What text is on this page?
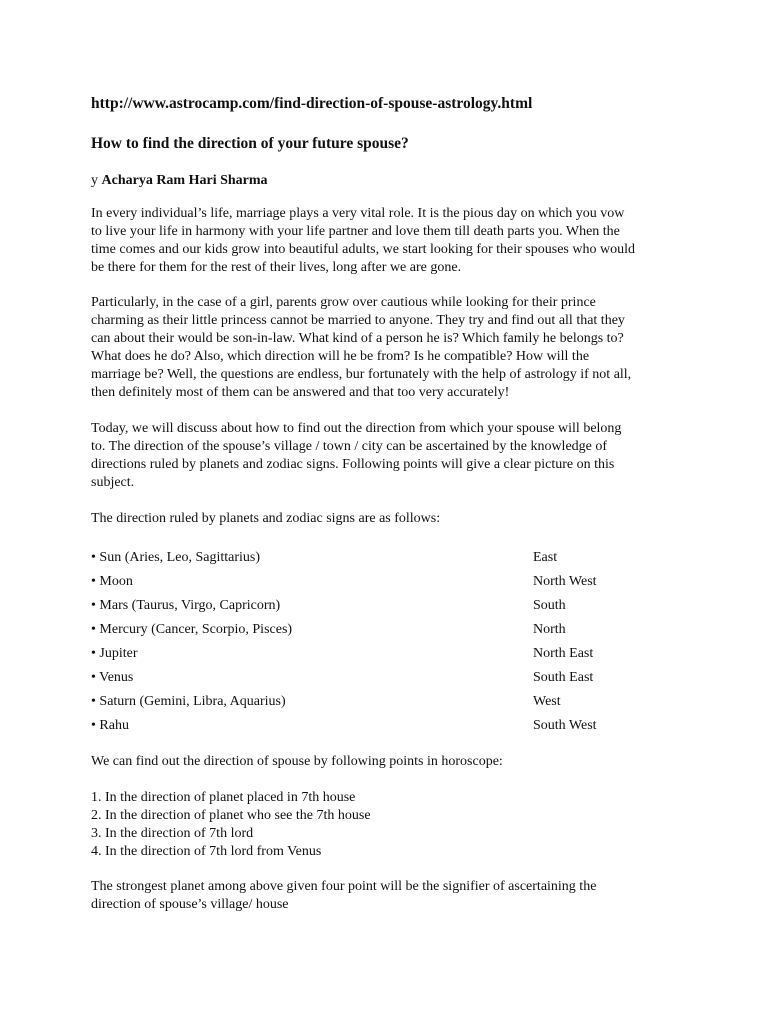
http://www.astrocamp.com/find-direction-of-spouse-astrology.html
How to find the direction of your future spouse?
y Acharya Ram Hari Sharma

In every individual’s life, marriage plays a very vital role. It is the pious day on which you vow
to live your life in harmony with your life partner and love them till death parts you. When the
time comes and our kids grow into beautiful adults, we start looking for their spouses who would
be there for them for the rest of their lives, long after we are gone.

Particularly, in the case of a girl, parents grow over cautious while looking for their prince
charming as their little princess cannot be married to anyone. They try and find out all that they
can about their would be son-in-law. What kind of a person he is? Which family he belongs to?
What does he do? Also, which direction will he be from? Is he compatible? How will the
marriage be? Well, the questions are endless, bur fortunately with the help of astrology if not all,
then definitely most of them can be answered and that too very accurately!

Today, we will discuss about how to find out the direction from which your spouse will belong
to. The direction of the spouse’s village / town / city can be ascertained by the knowledge of
directions ruled by planets and zodiac signs. Following points will give a clear picture on this
subject.

The direction ruled by planets and zodiac signs are as follows:

• Sun (Aries, Leo, Sagittarius)	East
• Moon	North West
• Mars (Taurus, Virgo, Capricorn)	South
• Mercury (Cancer, Scorpio, Pisces)	North
• Jupiter	North East
• Venus	South East
• Saturn (Gemini, Libra, Aquarius)	West
• Rahu	South West

We can find out the direction of spouse by following points in horoscope:

1. In the direction of planet placed in 7th house
2. In the direction of planet who see the 7th house
3. In the direction of 7th lord
4. In the direction of 7th lord from Venus

The strongest planet among above given four point will be the signifier of ascertaining the
direction of spouse’s village/ house
